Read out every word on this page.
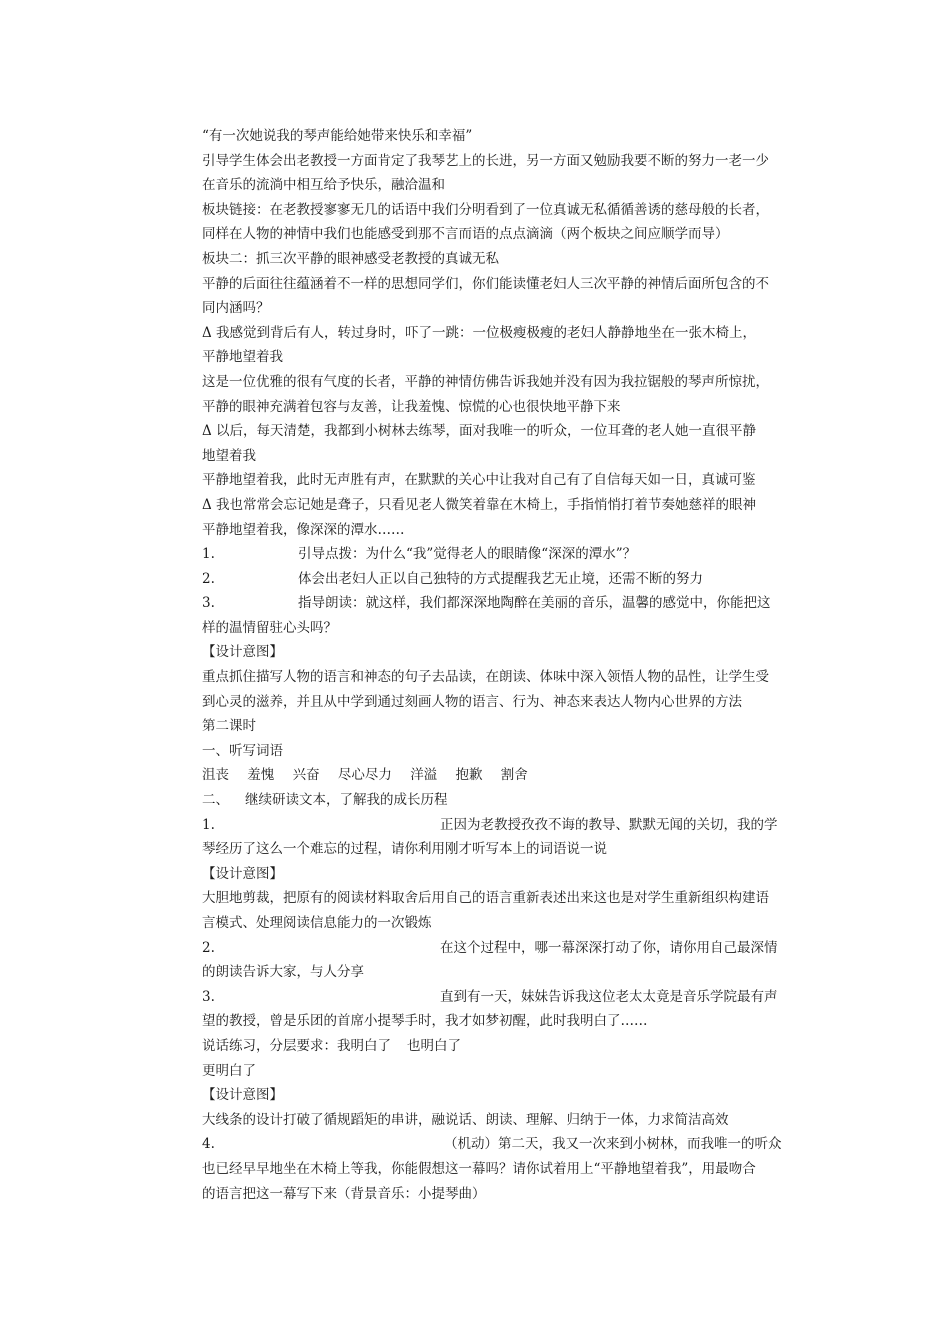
“有一次她说我的琴声能给她带来快乐和幸福”
引导学生体会出老教授一方面肯定了我琴艺上的长进，另一方面又勉励我要不断的努力一老一少
在音乐的流淌中相互给予快乐，融洽温和
板块链接：在老教授寥寥无几的话语中我们分明看到了一位真诚无私循循善诱的慈母般的长者，
同样在人物的神情中我们也能感受到那不言而语的点点滴滴（两个板块之间应顺学而导）
板块二：抓三次平静的眼神感受老教授的真诚无私
平静的后面往往蕴涵着不一样的思想同学们，你们能读懂老妇人三次平静的神情后面所包含的不
同内涵吗？
Δ 我感觉到背后有人，转过身时，吓了一跳：一位极瘦极瘦的老妇人静静地坐在一张木椅上，
平静地望着我
这是一位优雅的很有气度的长者，平静的神情仿佛告诉我她并没有因为我拉锯般的琴声所惊扰，
平静的眼神充满着包容与友善，让我羞愧、惊慌的心也很快地平静下来
Δ 以后，每天清楚，我都到小树林去练琴，面对我唯一的听众，一位耳聋的老人她一直很平静
地望着我
平静地望着我，此时无声胜有声，在默默的关心中让我对自己有了自信每天如一日，真诚可鉴
Δ 我也常常会忘记她是聋子，只看见老人微笑着靠在木椅上，手指悄悄打着节奏她慈祥的眼神
平静地望着我，像深深的潭水……
1.	引导点拨：为什么“我”觉得老人的眼睛像“深深的潭水”？
2.	体会出老妇人正以自己独特的方式提醒我艺无止境，还需不断的努力
3.	指导朗读：就这样，我们都深深地陶醉在美丽的音乐，温馨的感觉中，你能把这
样的温情留驻心头吗？
【设计意图】
重点抓住描写人物的语言和神态的句子去品读，在朗读、体味中深入领悟人物的品性，让学生受
到心灵的滋养，并且从中学到通过刻画人物的语言、行为、神态来表达人物内心世界的方法
第二课时
一、听写词语
沮丧 羞愧 兴奋 尽心尽力 洋溢 抱歉 割舍
二、 继续研读文本，了解我的成长历程
1.	正因为老教授孜孜不诲的教导、默默无闻的关切，我的学
琴经历了这么一个难忘的过程，请你利用刚才听写本上的词语说一说
【设计意图】
大胆地剪裁，把原有的阅读材料取舍后用自己的语言重新表述出来这也是对学生重新组织构建语
言模式、处理阅读信息能力的一次锻炼
2.	在这个过程中，哪一幕深深打动了你，请你用自己最深情
的朗读告诉大家，与人分享
3.	直到有一天，妹妹告诉我这位老太太竟是音乐学院最有声
望的教授，曾是乐团的首席小提琴手时，我才如梦初醒，此时我明白了……
说话练习，分层要求：我明白了 也明白了
更明白了
【设计意图】
大线条的设计打破了循规蹈矩的串讲，融说话、朗读、理解、归纳于一体，力求简洁高效
4.	（机动）第二天，我又一次来到小树林，而我唯一的听众
也已经早早地坐在木椅上等我，你能假想这一幕吗？请你试着用上“平静地望着我”，用最吻合
的语言把这一幕写下来（背景音乐：小提琴曲）
